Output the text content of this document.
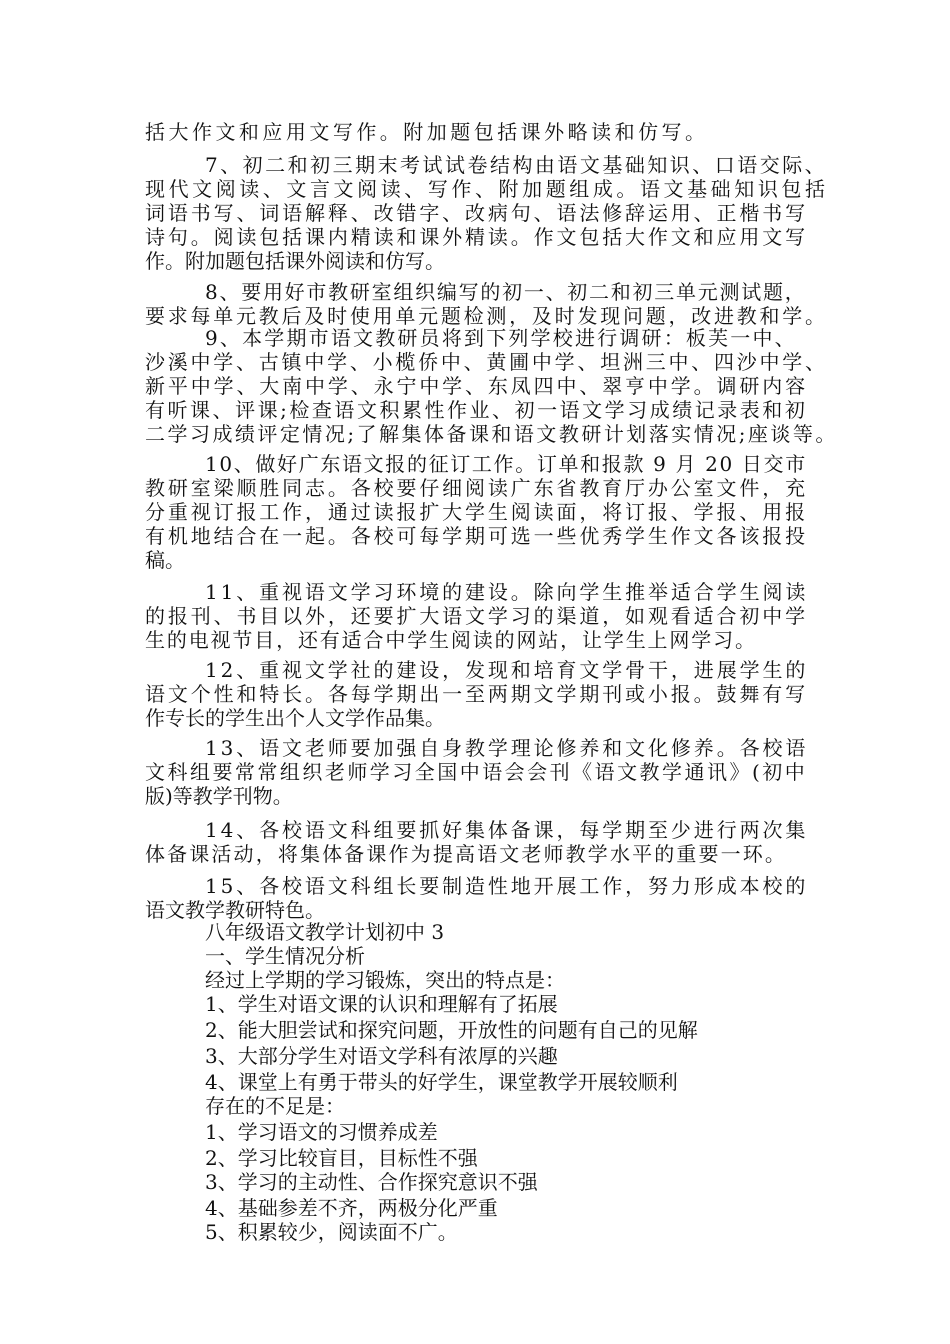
括大作文和应用文写作。附加题包括课外略读和仿写。
7、初二和初三期末考试试卷结构由语文基础知识、口语交际、
现代文阅读、文言文阅读、写作、附加题组成。语文基础知识包括
词语书写、词语解释、改错字、改病句、语法修辞运用、正楷书写
诗句。阅读包括课内精读和课外精读。作文包括大作文和应用文写
作。附加题包括课外阅读和仿写。
8、要用好市教研室组织编写的初一、初二和初三单元测试题，
要求每单元教后及时使用单元题检测，及时发现问题，改进教和学。
9、本学期市语文教研员将到下列学校进行调研：板芙一中、
沙溪中学、古镇中学、小榄侨中、黄圃中学、坦洲三中、四沙中学、
新平中学、大南中学、永宁中学、东凤四中、翠亨中学。调研内容
有听课、评课;检查语文积累性作业、初一语文学习成绩记录表和初
二学习成绩评定情况;了解集体备课和语文教研计划落实情况;座谈等。
10、做好广东语文报的征订工作。订单和报款 9 月 20 日交市
教研室梁顺胜同志。各校要仔细阅读广东省教育厅办公室文件，充
分重视订报工作，通过读报扩大学生阅读面，将订报、学报、用报
有机地结合在一起。各校可每学期可选一些优秀学生作文各该报投
稿。
11、重视语文学习环境的建设。除向学生推举适合学生阅读
的报刊、书目以外，还要扩大语文学习的渠道，如观看适合初中学
生的电视节目，还有适合中学生阅读的网站，让学生上网学习。
12、重视文学社的建设，发现和培育文学骨干，进展学生的
语文个性和特长。各每学期出一至两期文学期刊或小报。鼓舞有写
作专长的学生出个人文学作品集。
13、语文老师要加强自身教学理论修养和文化修养。各校语
文科组要常常组织老师学习全国中语会会刊《语文教学通讯》(初中
版)等教学刊物。
14、各校语文科组要抓好集体备课，每学期至少进行两次集
体备课活动，将集体备课作为提高语文老师教学水平的重要一环。
15、各校语文科组长要制造性地开展工作，努力形成本校的
语文教学教研特色。
八年级语文教学计划初中 3
一、学生情况分析
经过上学期的学习锻炼，突出的特点是：
1、学生对语文课的认识和理解有了拓展
2、能大胆尝试和探究问题，开放性的问题有自己的见解
3、大部分学生对语文学科有浓厚的兴趣
4、课堂上有勇于带头的好学生，课堂教学开展较顺利
存在的不足是：
1、学习语文的习惯养成差
2、学习比较盲目，目标性不强
3、学习的主动性、合作探究意识不强
4、基础参差不齐，两极分化严重
5、积累较少，阅读面不广。
